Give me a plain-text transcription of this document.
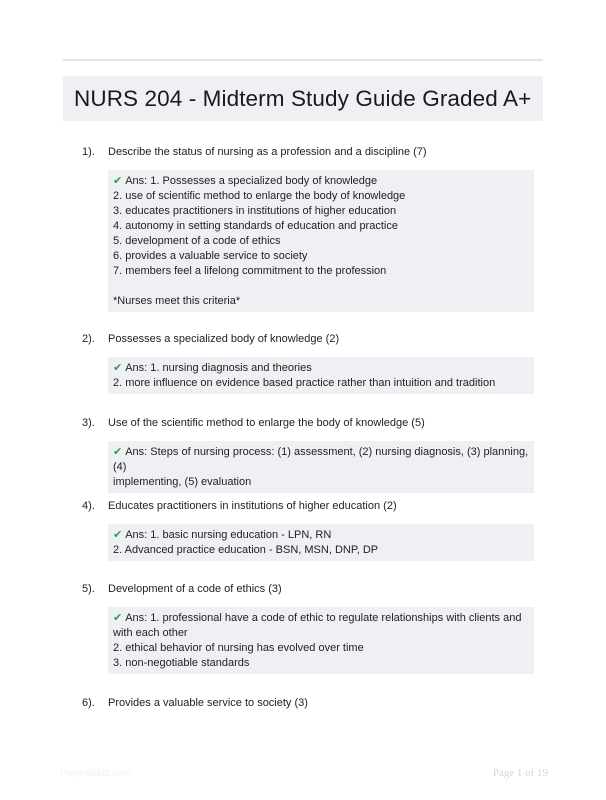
NURS 204 - Midterm Study Guide Graded A+
1).	Describe the status of nursing as a profession and a discipline (7)
✔ Ans: 1. Possesses a specialized body of knowledge
2. use of scientific method to enlarge the body of knowledge
3. educates practitioners in institutions of higher education
4. autonomy in setting standards of education and practice
5. development of a code of ethics
6. provides a valuable service to society
7. members feel a lifelong commitment to the profession
*Nurses meet this criteria*
2).	Possesses a specialized body of knowledge (2)
✔ Ans: 1. nursing diagnosis and theories
2. more influence on evidence based practice rather than intuition and tradition
3).	Use of the scientific method to enlarge the body of knowledge (5)
✔ Ans: Steps of nursing process: (1) assessment, (2) nursing diagnosis, (3) planning, (4)
implementing, (5) evaluation
4).	Educates practitioners in institutions of higher education (2)
✔ Ans: 1. basic nursing education - LPN, RN
2. Advanced practice education - BSN, MSN, DNP, DP
5).	Development of a code of ethics (3)
✔ Ans: 1. professional have a code of ethic to regulate relationships with clients and
with each other
2. ethical behavior of nursing has evolved over time
3. non-negotiable standards
6).	Provides a valuable service to society (3)
Paperlibbic.com	Page 1 of 19
